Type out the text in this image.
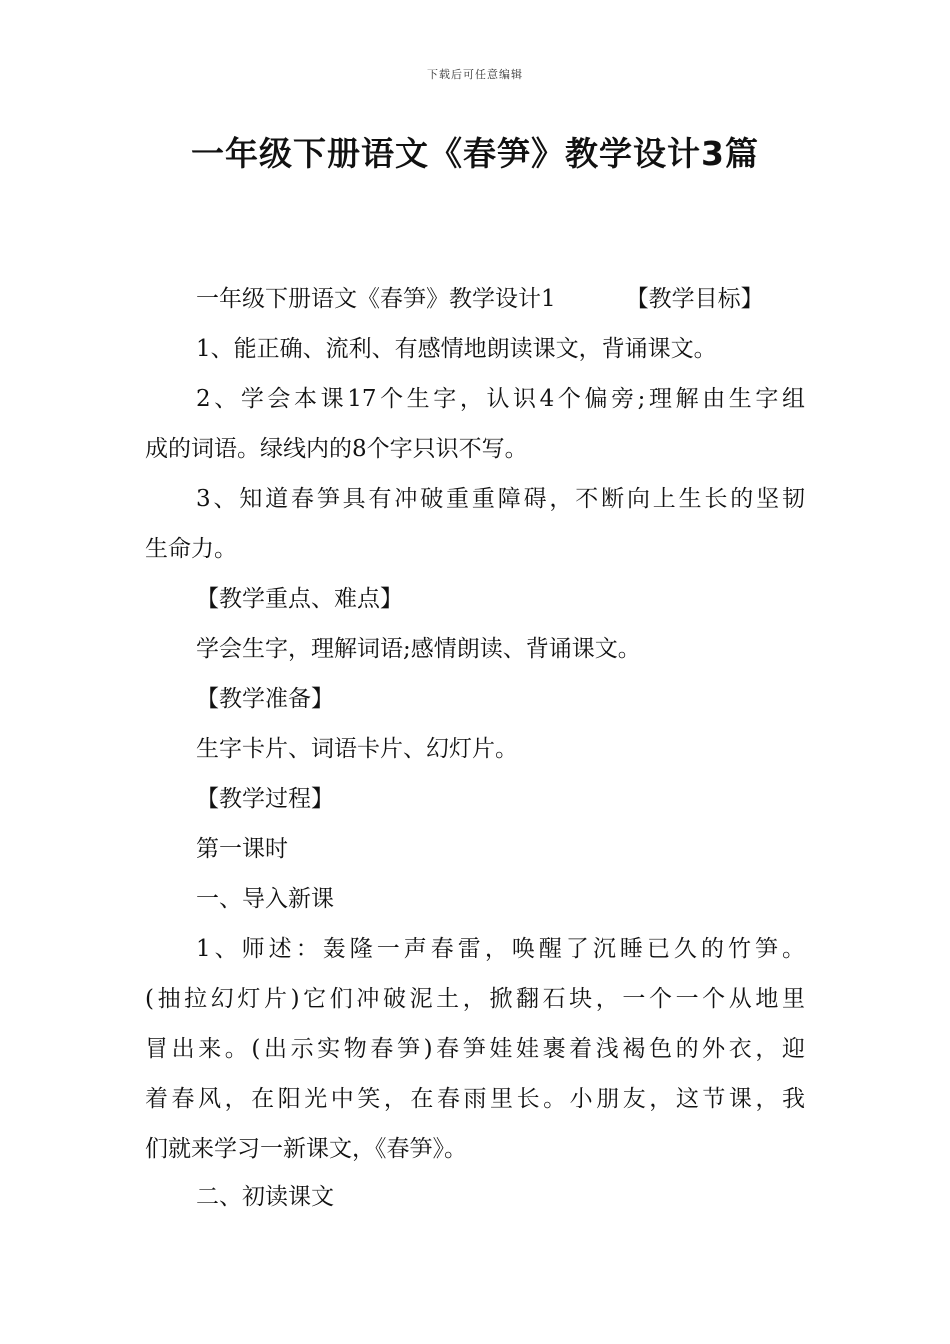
下载后可任意编辑
一年级下册语文《春笋》教学设计3篇
一年级下册语文《春笋》教学设计1	【教学目标】
1、能正确、流利、有感情地朗读课文，背诵课文。
2、学会本课17个生字，认识4个偏旁;理解由生字组
成的词语。绿线内的8个字只识不写。
3、知道春笋具有冲破重重障碍，不断向上生长的坚韧
生命力。
【教学重点、难点】
学会生字，理解词语;感情朗读、背诵课文。
【教学准备】
生字卡片、词语卡片、幻灯片。
【教学过程】
第一课时
一、导入新课
1、师述：轰隆一声春雷，唤醒了沉睡已久的竹笋。
(抽拉幻灯片)它们冲破泥土，掀翻石块，一个一个从地里
冒出来。(出示实物春笋)春笋娃娃裹着浅褐色的外衣，迎
着春风，在阳光中笑，在春雨里长。小朋友，这节课，我
们就来学习一新课文，《春笋》。
二、初读课文
